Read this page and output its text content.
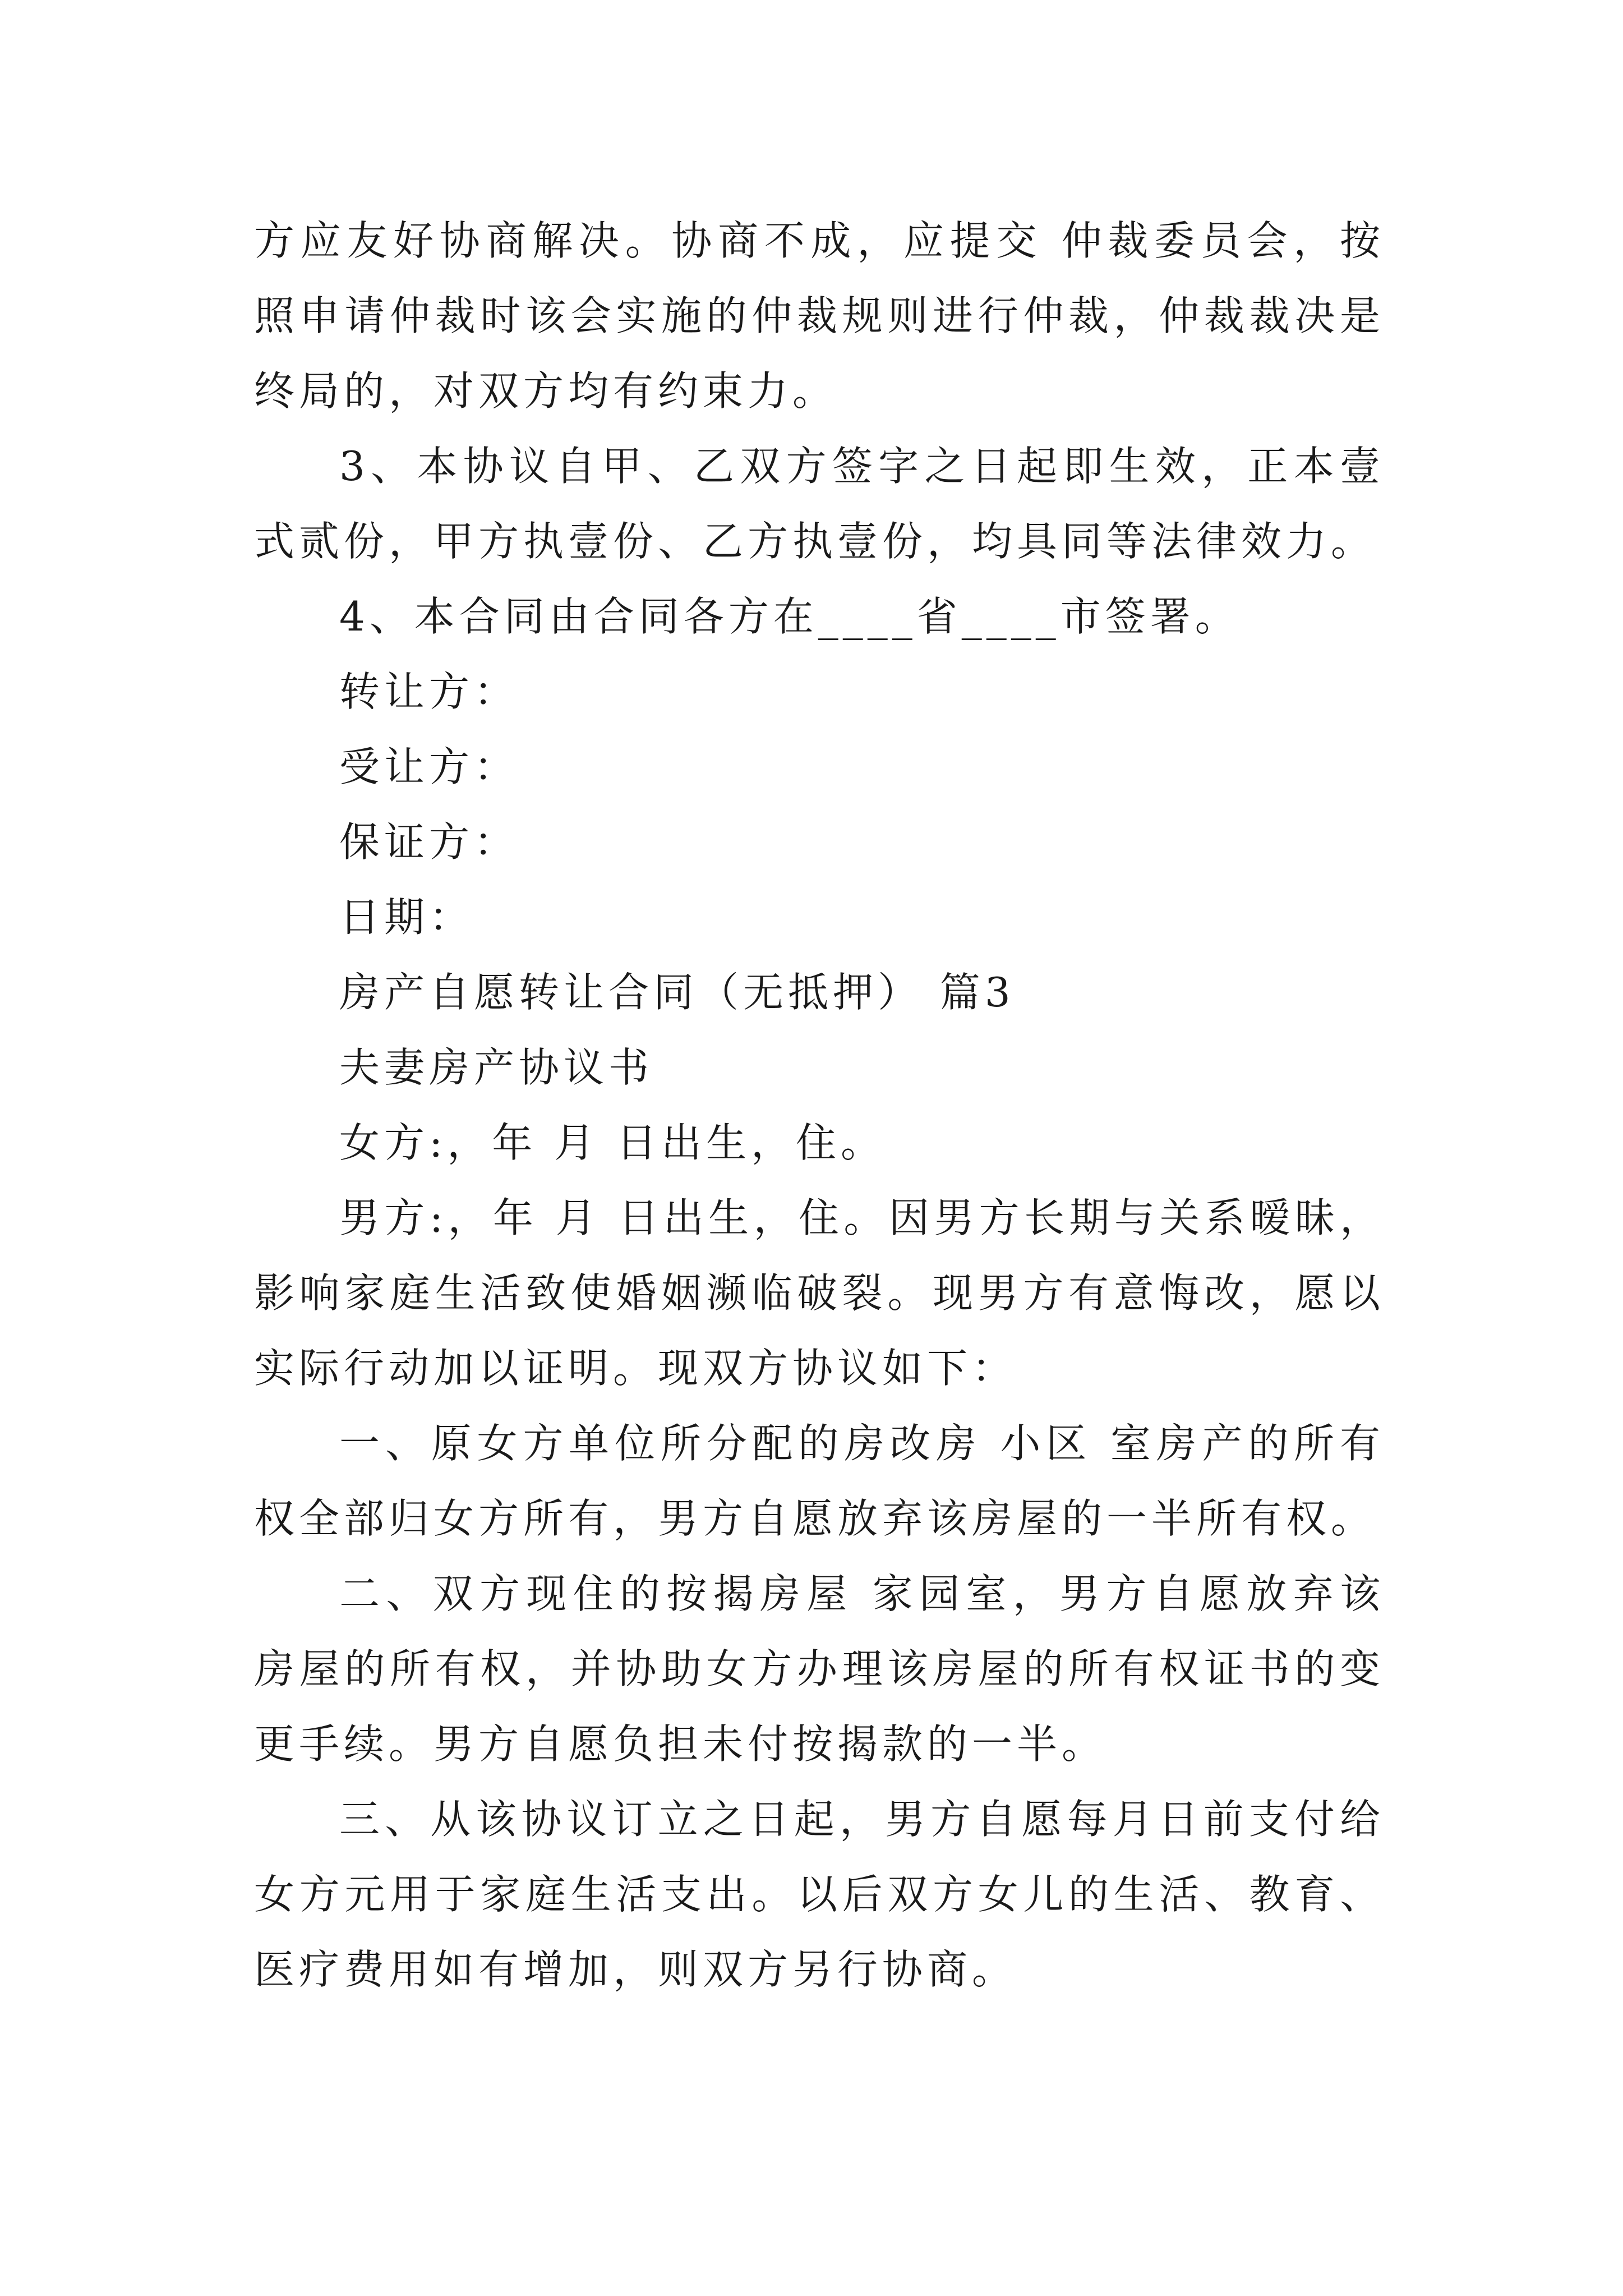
方应友好协商解决。协商不成，应提交 仲裁委员会，按照申请仲裁时该会实施的仲裁规则进行仲裁，仲裁裁决是终局的，对双方均有约束力。

3、本协议自甲、乙双方签字之日起即生效，正本壹式贰份，甲方执壹份、乙方执壹份，均具同等法律效力。

4、本合同由合同各方在____省____市签署。

转让方：

受让方：

保证方：

日期：

房产自愿转让合同（无抵押） 篇3

夫妻房产协议书

女方:，年 月 日出生，住。

男方:，年 月 日出生，住。因男方长期与关系暧昧，影响家庭生活致使婚姻濒临破裂。现男方有意悔改，愿以实际行动加以证明。现双方协议如下：

一、原女方单位所分配的房改房 小区 室房产的所有权全部归女方所有，男方自愿放弃该房屋的一半所有权。

二、双方现住的按揭房屋 家园室，男方自愿放弃该房屋的所有权，并协助女方办理该房屋的所有权证书的变更手续。男方自愿负担未付按揭款的一半。

三、从该协议订立之日起，男方自愿每月日前支付给女方元用于家庭生活支出。以后双方女儿的生活、教育、医疗费用如有增加，则双方另行协商。
